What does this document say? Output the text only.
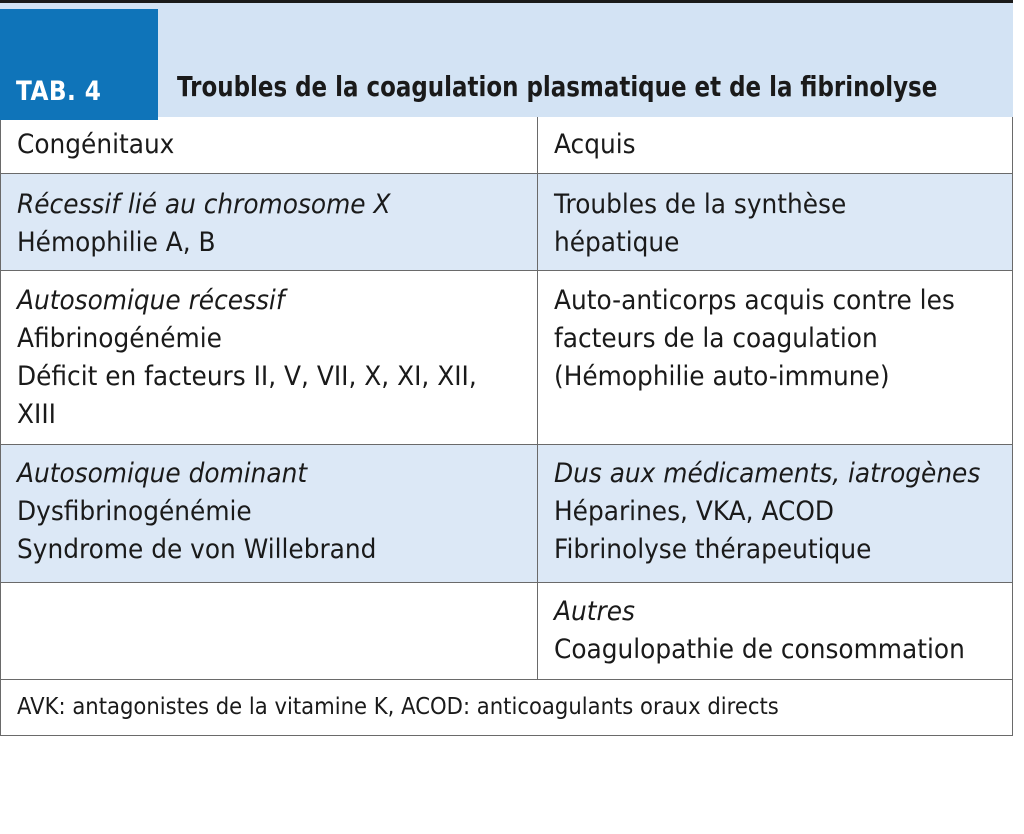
TAB. 4	Troubles de la coagulation plasmatique et de la fibrinolyse
Congénitaux	Acquis
Récessif lié au chromosome X
Hémophilie A, B
Troubles de la synthèse
hépatique
Autosomique récessif
Afibrinogénémie
Déficit en facteurs II, V, VII, X, XI, XII,
XIII
Auto-anticorps acquis contre les
facteurs de la coagulation
(Hémophilie auto-immune)
Autosomique dominant
Dysfibrinogénémie
Syndrome de von Willebrand
Dus aux médicaments, iatrogènes
Héparines, VKA, ACOD
Fibrinolyse thérapeutique
Autres
Coagulopathie de consommation
AVK: antagonistes de la vitamine K, ACOD: anticoagulants oraux directs
